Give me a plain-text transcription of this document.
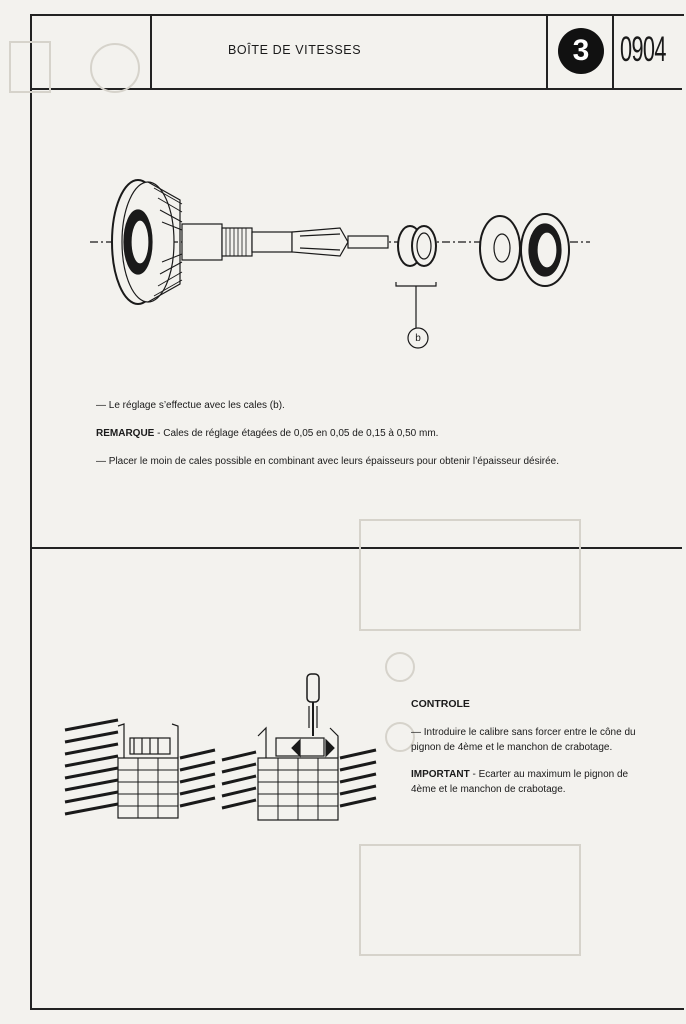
BOÎTE DE VITESSES	3 0904
b
— Le réglage s’effectue avec les cales (b).
REMARQUE - Cales de réglage étagées de 0,05 en 0,05 de 0,15 à 0,50 mm.
— Placer le moin de cales possible en combinant avec leurs épaisseurs pour obtenir l’épaisseur désirée.
CONTROLE
— Introduire le calibre sans forcer entre le cône du
pignon de 4ème et le manchon de crabotage.
IMPORTANT - Ecarter au maximum le pignon de
4ème et le manchon de crabotage.
